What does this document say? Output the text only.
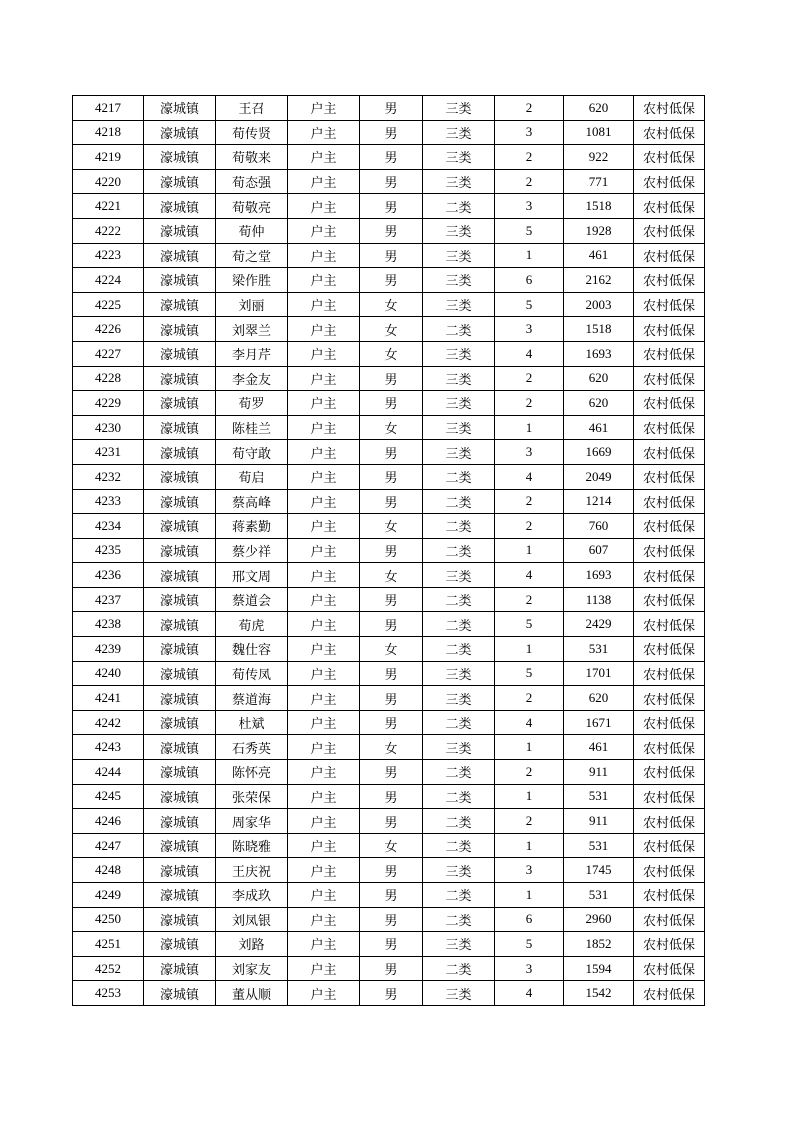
4217	濠城镇	王召	户主	男	三类	2	620	农村低保
4218	濠城镇	荀传贤	户主	男	三类	3	1081	农村低保
4219	濠城镇	荀敬来	户主	男	三类	2	922	农村低保
4220	濠城镇	荀态强	户主	男	三类	2	771	农村低保
4221	濠城镇	荀敬亮	户主	男	二类	3	1518	农村低保
4222	濠城镇	荀仲	户主	男	三类	5	1928	农村低保
4223	濠城镇	荀之堂	户主	男	三类	1	461	农村低保
4224	濠城镇	梁作胜	户主	男	三类	6	2162	农村低保
4225	濠城镇	刘丽	户主	女	三类	5	2003	农村低保
4226	濠城镇	刘翠兰	户主	女	二类	3	1518	农村低保
4227	濠城镇	李月芹	户主	女	三类	4	1693	农村低保
4228	濠城镇	李金友	户主	男	三类	2	620	农村低保
4229	濠城镇	荀罗	户主	男	三类	2	620	农村低保
4230	濠城镇	陈桂兰	户主	女	三类	1	461	农村低保
4231	濠城镇	荀守敢	户主	男	三类	3	1669	农村低保
4232	濠城镇	荀启	户主	男	二类	4	2049	农村低保
4233	濠城镇	蔡高峰	户主	男	二类	2	1214	农村低保
4234	濠城镇	蒋素勤	户主	女	二类	2	760	农村低保
4235	濠城镇	蔡少祥	户主	男	二类	1	607	农村低保
4236	濠城镇	邢文周	户主	女	三类	4	1693	农村低保
4237	濠城镇	蔡道会	户主	男	二类	2	1138	农村低保
4238	濠城镇	荀虎	户主	男	二类	5	2429	农村低保
4239	濠城镇	魏仕容	户主	女	二类	1	531	农村低保
4240	濠城镇	荀传凤	户主	男	三类	5	1701	农村低保
4241	濠城镇	蔡道海	户主	男	三类	2	620	农村低保
4242	濠城镇	杜斌	户主	男	二类	4	1671	农村低保
4243	濠城镇	石秀英	户主	女	三类	1	461	农村低保
4244	濠城镇	陈怀亮	户主	男	二类	2	911	农村低保
4245	濠城镇	张荣保	户主	男	二类	1	531	农村低保
4246	濠城镇	周家华	户主	男	二类	2	911	农村低保
4247	濠城镇	陈晓雅	户主	女	二类	1	531	农村低保
4248	濠城镇	王庆祝	户主	男	三类	3	1745	农村低保
4249	濠城镇	李成玖	户主	男	二类	1	531	农村低保
4250	濠城镇	刘凤银	户主	男	二类	6	2960	农村低保
4251	濠城镇	刘路	户主	男	三类	5	1852	农村低保
4252	濠城镇	刘家友	户主	男	二类	3	1594	农村低保
4253	濠城镇	董从顺	户主	男	三类	4	1542	农村低保
